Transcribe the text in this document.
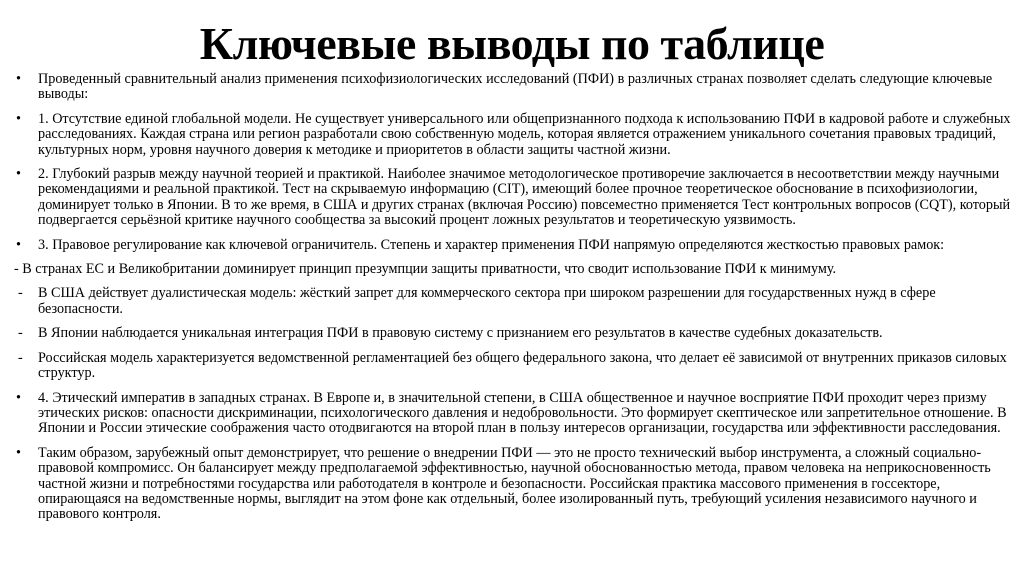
Ключевые выводы по таблице
•	Проведенный сравнительный анализ применения психофизиологических исследований (ПФИ) в различных странах позволяет сделать следующие ключевые выводы:
•	1. Отсутствие единой глобальной модели. Не существует универсального или общепризнанного подхода к использованию ПФИ в кадровой работе и служебных расследованиях. Каждая страна или регион разработали свою собственную модель, которая является отражением уникального сочетания правовых традиций, культурных норм, уровня научного доверия к методике и приоритетов в области защиты частной жизни.
•	2. Глубокий разрыв между научной теорией и практикой. Наиболее значимое методологическое противоречие заключается в несоответствии между научными рекомендациями и реальной практикой. Тест на скрываемую информацию (CIT), имеющий более прочное теоретическое обоснование в психофизиологии, доминирует только в Японии. В то же время, в США и других странах (включая Россию) повсеместно применяется Тест контрольных вопросов (CQT), который подвергается серьёзной критике научного сообщества за высокий процент ложных результатов и теоретическую уязвимость.
•	3. Правовое регулирование как ключевой ограничитель. Степень и характер применения ПФИ напрямую определяются жесткостью правовых рамок:
- В странах ЕС и Великобритании доминирует принцип презумпции защиты приватности, что сводит использование ПФИ к минимуму.
-	В США действует дуалистическая модель: жёсткий запрет для коммерческого сектора при широком разрешении для государственных нужд в сфере безопасности.
-	В Японии наблюдается уникальная интеграция ПФИ в правовую систему с признанием его результатов в качестве судебных доказательств.
-	Российская модель характеризуется ведомственной регламентацией без общего федерального закона, что делает её зависимой от внутренних приказов силовых структур.
•	4. Этический императив в западных странах. В Европе и, в значительной степени, в США общественное и научное восприятие ПФИ проходит через призму этических рисков: опасности дискриминации, психологического давления и недобровольности. Это формирует скептическое или запретительное отношение. В Японии и России этические соображения часто отодвигаются на второй план в пользу интересов организации, государства или эффективности расследования.
•	Таким образом, зарубежный опыт демонстрирует, что решение о внедрении ПФИ — это не просто технический выбор инструмента, а сложный социально-правовой компромисс. Он балансирует между предполагаемой эффективностью, научной обоснованностью метода, правом человека на неприкосновенность частной жизни и потребностями государства или работодателя в контроле и безопасности. Российская практика массового применения в госсекторе, опирающаяся на ведомственные нормы, выглядит на этом фоне как отдельный, более изолированный путь, требующий усиления независимого научного и правового контроля.
